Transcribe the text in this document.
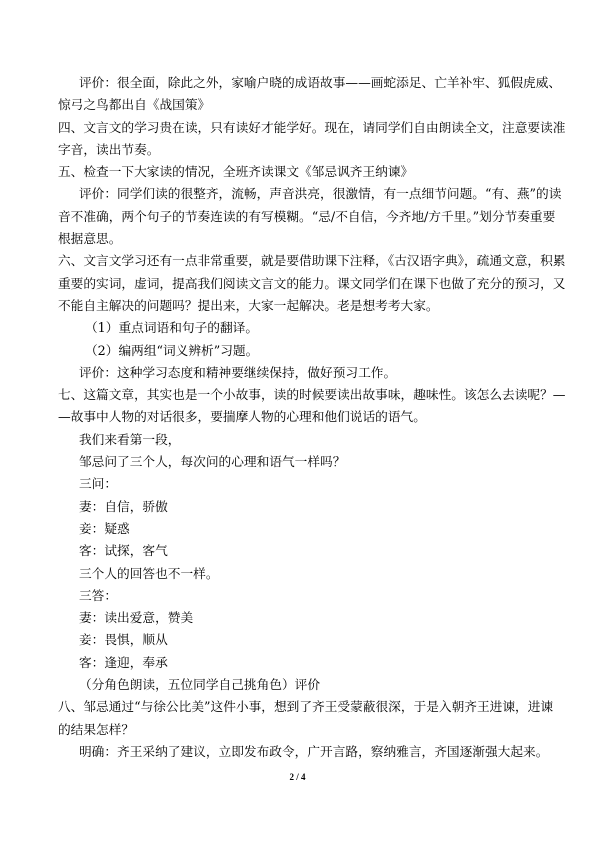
评价：很全面，除此之外，家喻户晓的成语故事——画蛇添足、亡羊补牢、狐假虎威、
惊弓之鸟都出自《战国策》
四、文言文的学习贵在读，只有读好才能学好。现在，请同学们自由朗读全文，注意要读准
字音，读出节奏。
五、检查一下大家读的情况，全班齐读课文《邹忌讽齐王纳谏》
评价：同学们读的很整齐，流畅，声音洪亮，很激情，有一点细节问题。“有、燕”的读
音不准确，两个句子的节奏连读的有写模糊。“忌/不自信，今齐地/方千里。”划分节奏重要
根据意思。
六、文言文学习还有一点非常重要，就是要借助课下注释，《古汉语字典》，疏通文意，积累
重要的实词，虚词，提高我们阅读文言文的能力。课文同学们在课下也做了充分的预习，又
不能自主解决的问题吗？提出来，大家一起解决。老是想考考大家。
（1）重点词语和句子的翻译。
（2）编两组“词义辨析”习题。
评价：这种学习态度和精神要继续保持，做好预习工作。
七、这篇文章，其实也是一个小故事，读的时候要读出故事味，趣味性。该怎么去读呢？—
—故事中人物的对话很多，要揣摩人物的心理和他们说话的语气。
我们来看第一段，
邹忌问了三个人，每次问的心理和语气一样吗？
三问：
妻：自信，骄傲
妾：疑惑
客：试探，客气
三个人的回答也不一样。
三答：
妻：读出爱意，赞美
妾：畏惧，顺从
客：逢迎，奉承
（分角色朗读，五位同学自己挑角色）评价
八、邹忌通过“与徐公比美”这件小事，想到了齐王受蒙蔽很深，于是入朝齐王进谏，进谏
的结果怎样？
明确：齐王采纳了建议，立即发布政令，广开言路，察纳雅言，齐国逐渐强大起来。
2 / 4
